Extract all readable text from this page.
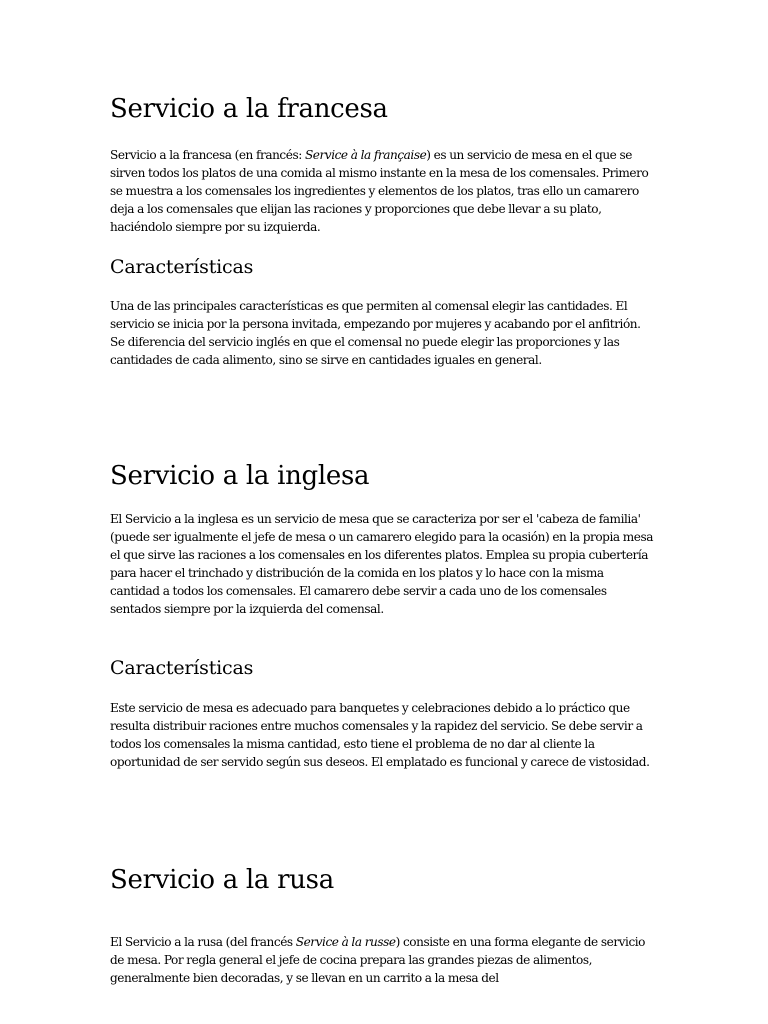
Servicio a la francesa

Servicio a la francesa (en francés: Service à la française) es un servicio de mesa en el que se sirven todos los platos de una comida al mismo instante en la mesa de los comensales. Primero se muestra a los comensales los ingredientes y elementos de los platos, tras ello un camarero deja a los comensales que elijan las raciones y proporciones que debe llevar a su plato, haciéndolo siempre por su izquierda.

Características

Una de las principales características es que permiten al comensal elegir las cantidades. El servicio se inicia por la persona invitada, empezando por mujeres y acabando por el anfitrión. Se diferencia del servicio inglés en que el comensal no puede elegir las proporciones y las cantidades de cada alimento, sino se sirve en cantidades iguales en general.

Servicio a la inglesa

El Servicio a la inglesa es un servicio de mesa que se caracteriza por ser el 'cabeza de familia' (puede ser igualmente el jefe de mesa o un camarero elegido para la ocasión) en la propia mesa el que sirve las raciones a los comensales en los diferentes platos. Emplea su propia cubertería para hacer el trinchado y distribución de la comida en los platos y lo hace con la misma cantidad a todos los comensales. El camarero debe servir a cada uno de los comensales sentados siempre por la izquierda del comensal.

Características

Este servicio de mesa es adecuado para banquetes y celebraciones debido a lo práctico que resulta distribuir raciones entre muchos comensales y la rapidez del servicio. Se debe servir a todos los comensales la misma cantidad, esto tiene el problema de no dar al cliente la oportunidad de ser servido según sus deseos. El emplatado es funcional y carece de vistosidad.

Servicio a la rusa

El Servicio a la rusa (del francés Service à la russe) consiste en una forma elegante de servicio de mesa. Por regla general el jefe de cocina prepara las grandes piezas de alimentos, generalmente bien decoradas, y se llevan en un carrito a la mesa del
